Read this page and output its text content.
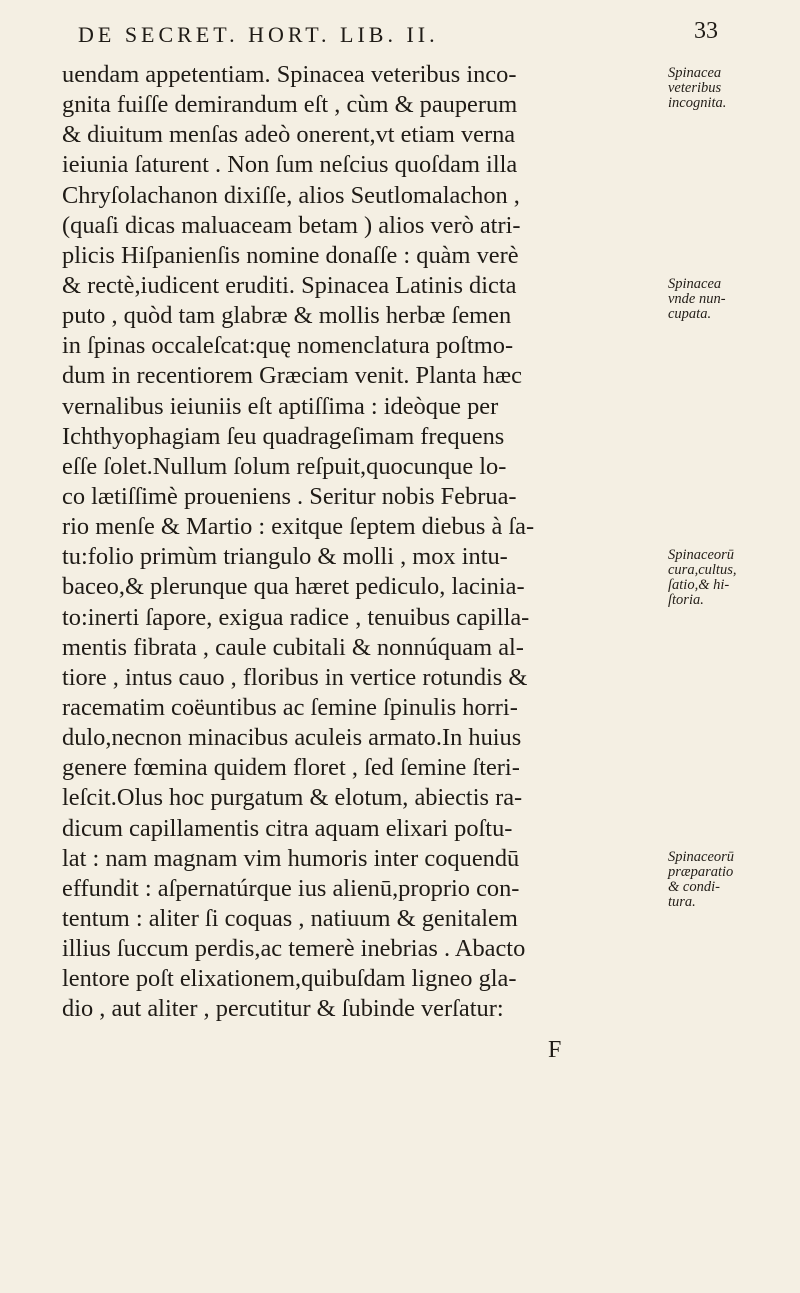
DE SECRET. HORT. LIB. II.	33
uendam appetentiam. Spinacea veteribus inco-
gnita fuiſſe demirandum eſt , cùm & pauperum
& diuitum menſas adeò onerent,vt etiam verna
ieiunia ſaturent . Non ſum neſcius quoſdam illa
Chryſolachanon dixiſſe, alios Seutlomalachon ,
(quaſi dicas maluaceam betam ) alios verò atri-
plicis Hiſpanienſis nomine donaſſe : quàm verè
& rectè,iudicent eruditi. Spinacea Latinis dicta
puto , quòd tam glabræ & mollis herbæ ſemen
in ſpinas occaleſcat:quę nomenclatura poſtmo-
dum in recentiorem Græciam venit. Planta hæc
vernalibus ieiuniis eſt aptiſſima : ideòque per
Ichthyophagiam ſeu quadrageſimam frequens
eſſe ſolet.Nullum ſolum reſpuit,quocunque lo-
co lætiſſimè proueniens . Seritur nobis Februa-
rio menſe & Martio : exitque ſeptem diebus à ſa-
tu:folio primùm triangulo & molli , mox intu-
baceo,& plerunque qua hæret pediculo, lacinia-
to:inerti ſapore, exigua radice , tenuibus capilla-
mentis fibrata , caule cubitali & nonnúquam al-
tiore , intus cauo , floribus in vertice rotundis &
racematim coëuntibus ac ſemine ſpinulis horri-
dulo,necnon minacibus aculeis armato.In huius
genere fœmina quidem floret , ſed ſemine ſteri-
leſcit.Olus hoc purgatum & elotum, abiectis ra-
dicum capillamentis citra aquam elixari poſtu-
lat : nam magnam vim humoris inter coquendū
effundit : aſpernatúrque ius alienū,proprio con-
tentum : aliter ſi coquas , natiuum & genitalem
illius ſuccum perdis,ac temerè inebrias . Abacto
lentore poſt elixationem,quibuſdam ligneo gla-
dio , aut aliter , percutitur & ſubinde verſatur:
Spinacea
veteribus
incognita.
Spinacea
vnde nun-
cupata.
Spinaceorū
cura,cultus,
ſatio,& hi-
ſtoria.
Spinaceorū
præparatio
& condi-
tura.
F
